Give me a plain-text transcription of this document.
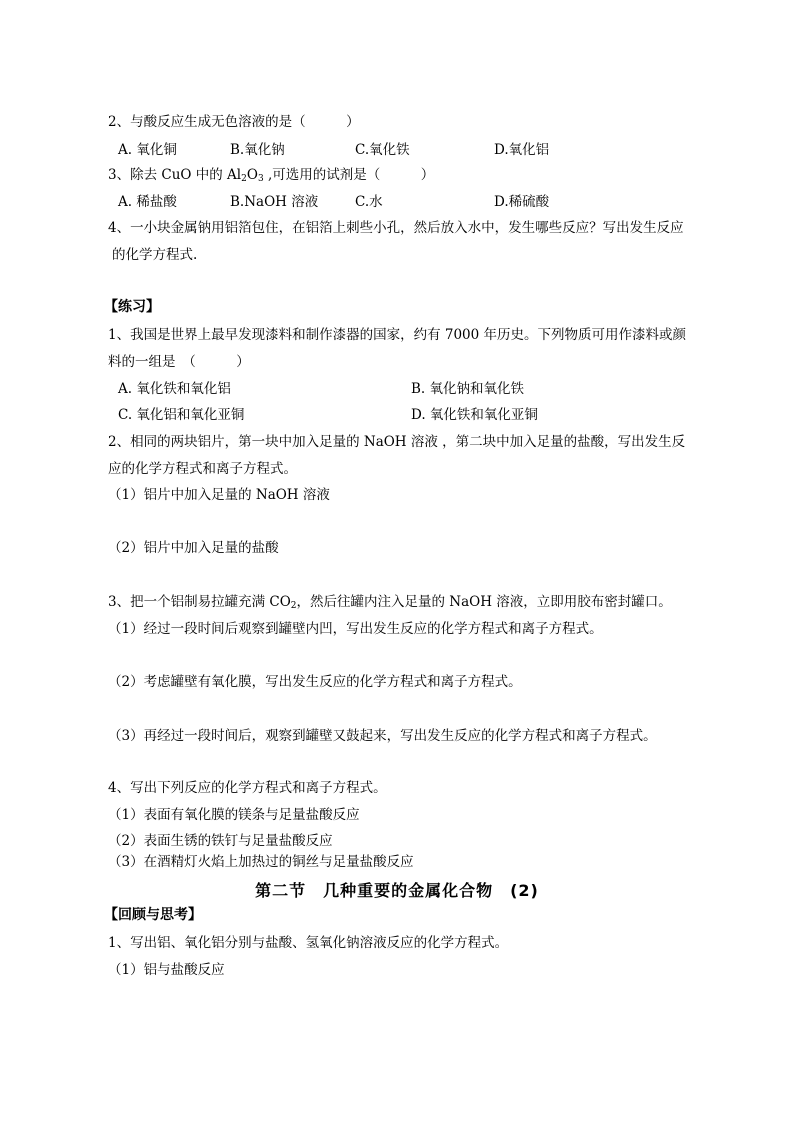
2、与酸反应生成无色溶液的是（　　　）
A. 氧化铜	B.氧化钠	C.氧化铁	D.氧化铝
3、除去 CuO 中的 $Al_2O_3$ ,可选用的试剂是（　　　）
A. 稀盐酸	B.NaOH 溶液	C.水	D.稀硫酸
4、一小块金属钠用铝箔包住，在铝箔上刺些小孔，然后放入水中，发生哪些反应？写出发生反应
的化学方程式.
【练习】
1、我国是世界上最早发现漆料和制作漆器的国家，约有 7000 年历史。下列物质可用作漆料或颜
料的一组是　（　　　）
A. 氧化铁和氧化铝	B. 氧化钠和氧化铁
C. 氧化铝和氧化亚铜	D. 氧化铁和氧化亚铜
2、相同的两块铝片，第一块中加入足量的 NaOH 溶液 ，第二块中加入足量的盐酸，写出发生反
应的化学方程式和离子方程式。
（1）铝片中加入足量的 NaOH 溶液
（2）铝片中加入足量的盐酸
3、把一个铝制易拉罐充满 $CO_2$，然后往罐内注入足量的 NaOH 溶液，立即用胶布密封罐口。
（1）经过一段时间后观察到罐壁内凹，写出发生反应的化学方程式和离子方程式。
（2）考虑罐壁有氧化膜，写出发生反应的化学方程式和离子方程式。
（3）再经过一段时间后，观察到罐壁又鼓起来，写出发生反应的化学方程式和离子方程式。
4、写出下列反应的化学方程式和离子方程式。
（1）表面有氧化膜的镁条与足量盐酸反应
（2）表面生锈的铁钉与足量盐酸反应
（3）在酒精灯火焰上加热过的铜丝与足量盐酸反应
第二节　几种重要的金属化合物　(2)
【回顾与思考】
1、写出铝、氧化铝分别与盐酸、氢氧化钠溶液反应的化学方程式。
（1）铝与盐酸反应
